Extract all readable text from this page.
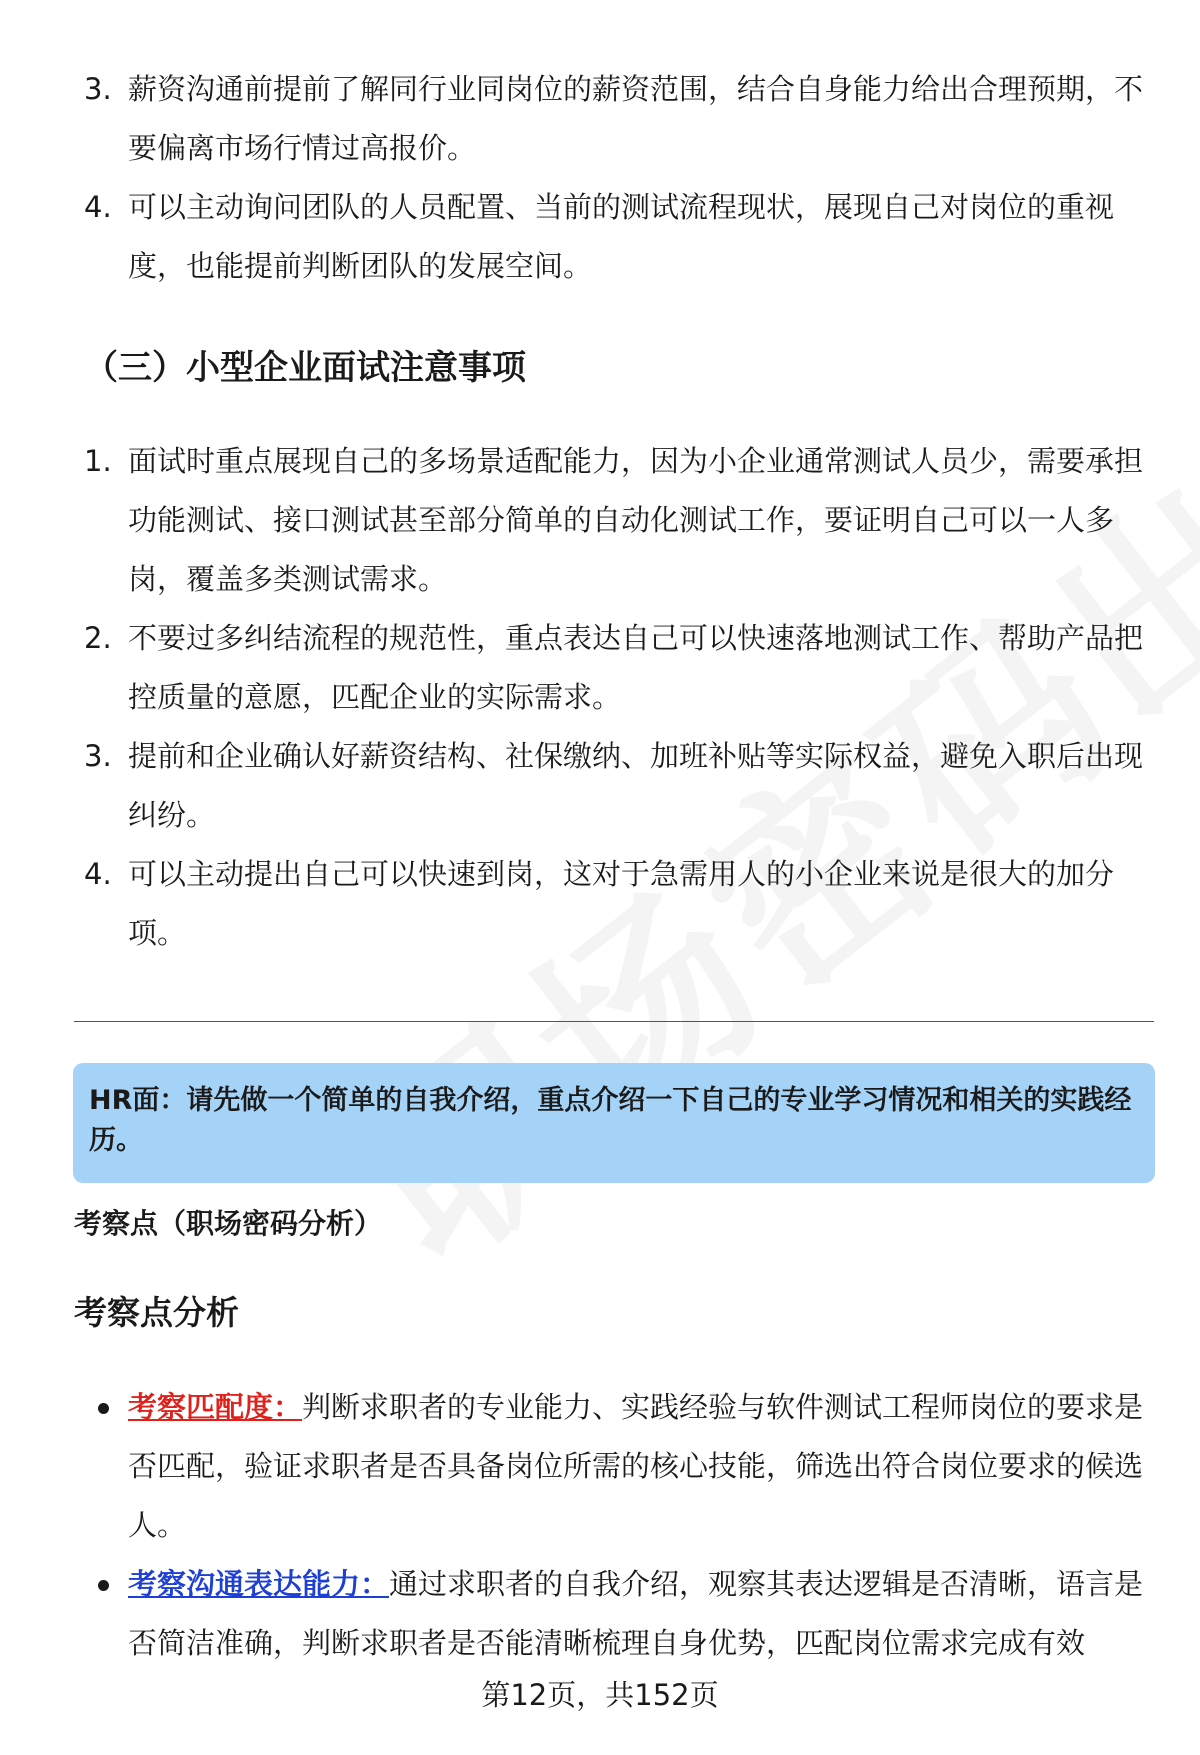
3. 薪资沟通前提前了解同行业同岗位的薪资范围，结合自身能力给出合理预期，不要偏离市场行情过高报价。
4. 可以主动询问团队的人员配置、当前的测试流程现状，展现自己对岗位的重视度，也能提前判断团队的发展空间。
（三）小型企业面试注意事项
1. 面试时重点展现自己的多场景适配能力，因为小企业通常测试人员少，需要承担功能测试、接口测试甚至部分简单的自动化测试工作，要证明自己可以一人多岗，覆盖多类测试需求。
2. 不要过多纠结流程的规范性，重点表达自己可以快速落地测试工作、帮助产品把控质量的意愿，匹配企业的实际需求。
3. 提前和企业确认好薪资结构、社保缴纳、加班补贴等实际权益，避免入职后出现纠纷。
4. 可以主动提出自己可以快速到岗，这对于急需用人的小企业来说是很大的加分项。
HR面：请先做一个简单的自我介绍，重点介绍一下自己的专业学习情况和相关的实践经历。
考察点（职场密码分析）
考察点分析
考察匹配度：判断求职者的专业能力、实践经验与软件测试工程师岗位的要求是否匹配，验证求职者是否具备岗位所需的核心技能，筛选出符合岗位要求的候选人。
考察沟通表达能力：通过求职者的自我介绍，观察其表达逻辑是否清晰，语言是否简洁准确，判断求职者是否能清晰梳理自身优势，匹配岗位需求完成有效
第12页，共152页
